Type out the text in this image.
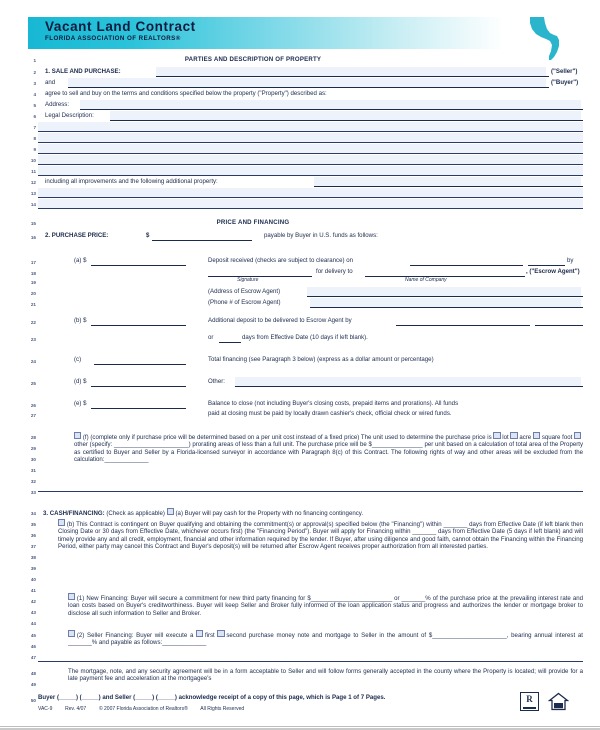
Vacant Land Contract
FLORIDA ASSOCIATION OF REALTORS®
1
2
3
4
5
6
7
8
9
10
11
12
13
14
15
16
17
18
19
20
21
22
23
24
25
26
27
28
29
30
31
32
33
34
35
36
37
38
39
40
41
42
43
44
45
46
47
48
49
50
PARTIES AND DESCRIPTION OF PROPERTY
1. SALE AND PURCHASE:	("Seller")
and	("Buyer")
agree to sell and buy on the terms and conditions specified below the property ("Property") described as:
Address:
Legal Description:
including all improvements and the following additional property:
PRICE AND FINANCING
2. PURCHASE PRICE:	$	payable by Buyer in U.S. funds as follows:
(a) $	Deposit received (checks are subject to clearance) on	by
for delivery to	, ("Escrow Agent")
Signature	Name of Company
(Address of Escrow Agent)
(Phone # of Escrow Agent)
(b) $	Additional deposit to be delivered to Escrow Agent by
or	days from Effective Date (10 days if left blank).
(c)	Total financing (see Paragraph 3 below) (express as a dollar amount or percentage)
(d) $	Other:
(e) $	Balance to close (not including Buyer's closing costs, prepaid items and prorations). All funds
paid at closing must be paid by locally drawn cashier's check, official check or wired funds.
(f) (complete only if purchase price will be determined based on a per unit cost instead of a fixed price) The unit used to determine the purchase price is lot acre square foot other (specify: ______________________) prorating areas of less than a full unit. The purchase price will be $_______________ per unit based on a calculation of total area of the Property as certified to Buyer and Seller by a Florida-licensed surveyor in accordance with Paragraph 8(c) of this Contract. The following rights of way and other areas will be excluded from the calculation:_____________
3. CASH/FINANCING: (Check as applicable) (a) Buyer will pay cash for the Property with no financing contingency.
(b) This Contract is contingent on Buyer qualifying and obtaining the commitment(s) or approval(s) specified below (the "Financing") within _______ days from Effective Date (if left blank then Closing Date or 30 days from Effective Date, whichever occurs first) (the "Financing Period"). Buyer will apply for Financing within _______ days from Effective Date (5 days if left blank) and will timely provide any and all credit, employment, financial and other information required by the lender. If Buyer, after using diligence and good faith, cannot obtain the Financing within the Financing Period, either party may cancel this Contract and Buyer's deposit(s) will be returned after Escrow Agent receives proper authorization from all interested parties.
(1) New Financing: Buyer will secure a commitment for new third party financing for $________________________ or _______% of the purchase price at the prevailing interest rate and loan costs based on Buyer's creditworthiness. Buyer will keep Seller and Broker fully informed of the loan application status and progress and authorizes the lender or mortgage broker to disclose all such information to Seller and Broker.
(2) Seller Financing: Buyer will execute a first second purchase money note and mortgage to Seller in the amount of $______________________, bearing annual interest at _______% and payable as follows:_____________
The mortgage, note, and any security agreement will be in a form acceptable to Seller and will follow forms generally accepted in the county where the Property is located; will provide for a late payment fee and acceleration at the mortgagee's
Buyer (_____) (_____) and Seller (_____) (_____) acknowledge receipt of a copy of this page, which is Page 1 of 7 Pages.
VAC-9	Rev. 4/07	© 2007 Florida Association of Realtors®	All Rights Reserved
R
